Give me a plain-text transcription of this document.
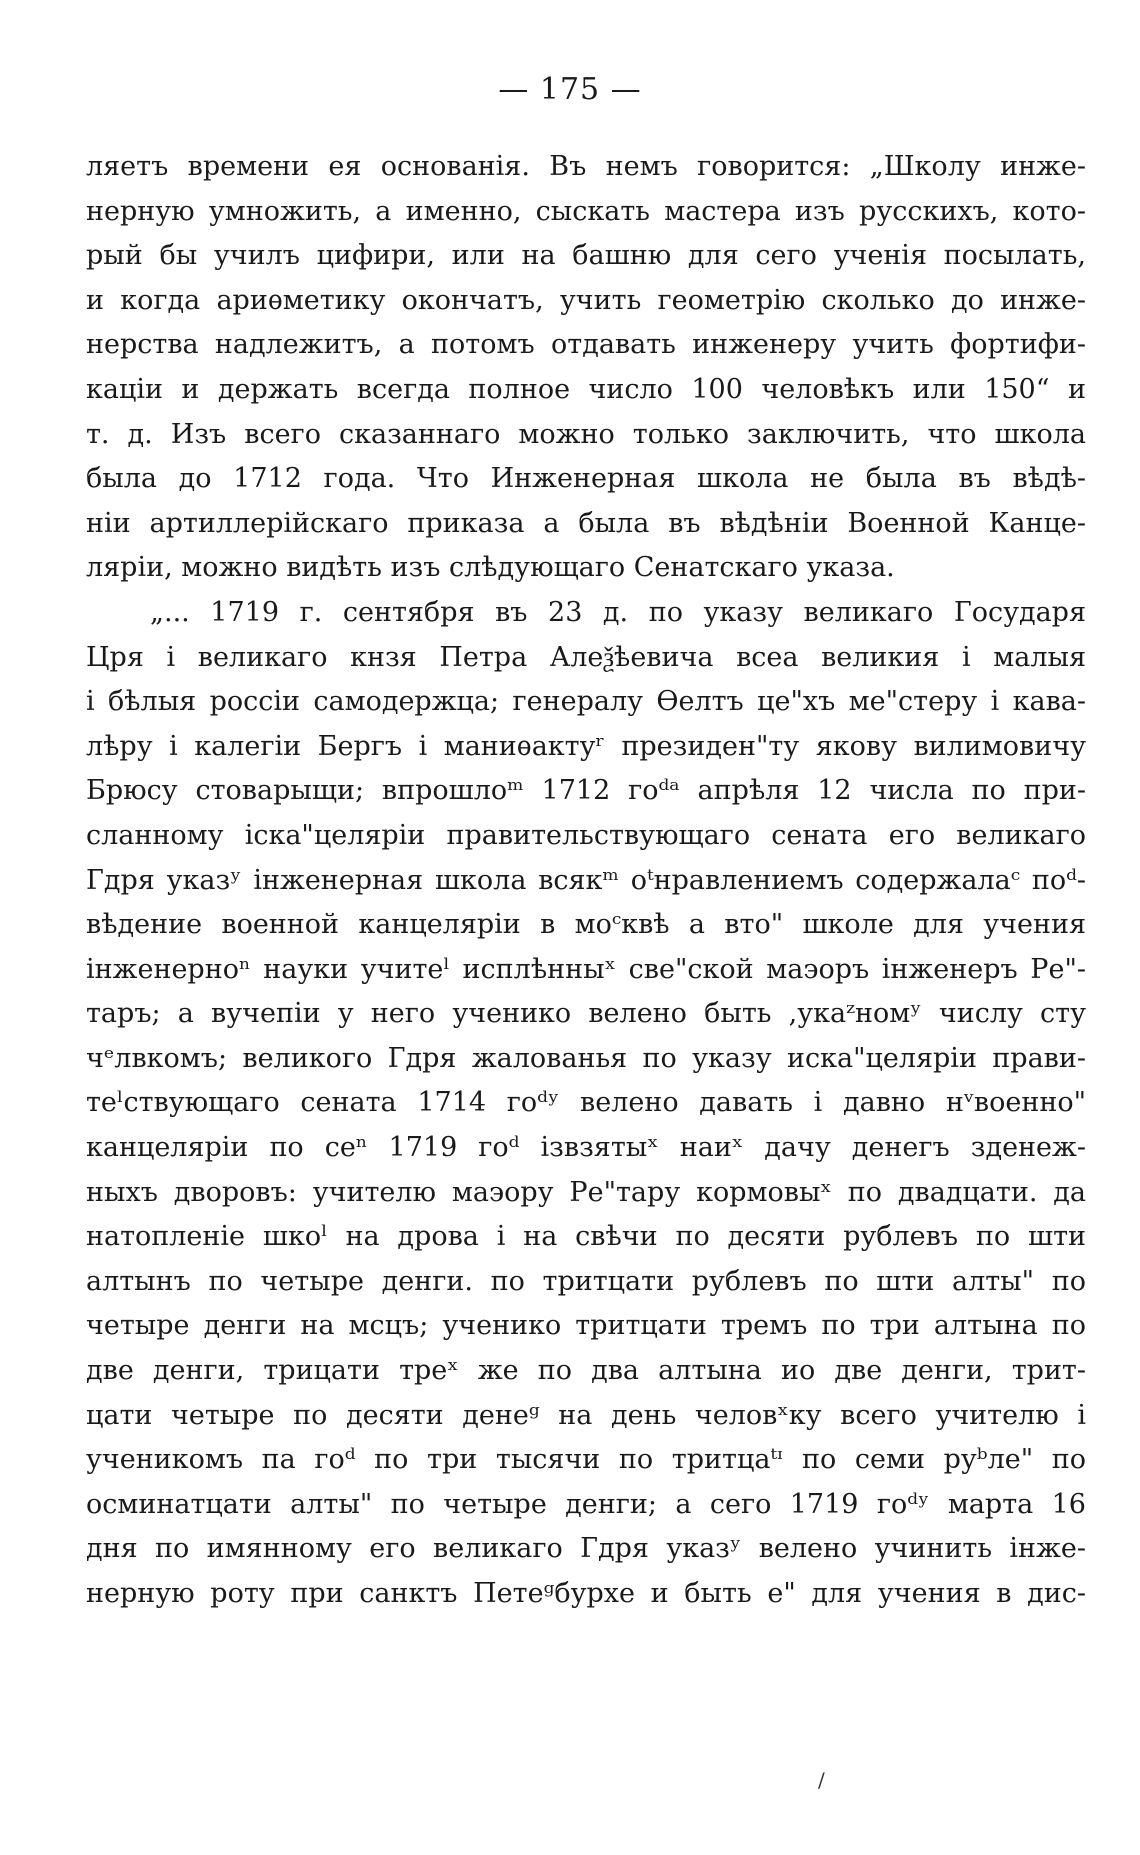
— 175 —
ляетъ времени ея основанія. Въ немъ говорится: „Школу инже-
нерную умножить, а именно, сыскать мастера изъ русскихъ, кото-
рый бы училъ цифири, или на башню для сего ученія посылать,
и когда ариѳметику окончатъ, учить геометрію сколько до инже-
нерства надлежитъ, а потомъ отдавать инженеру учить фортифи-
каціи и держать всегда полное число 100 человѣкъ или 150“ и
т. д. Изъ всего сказаннаго можно только заключить, что школа
была до 1712 года. Что Инженерная школа не была въ вѣдѣ-
ніи артиллерійскаго приказа а была въ вѣдѣніи Военной Канце-
ляріи, можно видѣть изъ слѣдующаго Сенатскаго указа.
„... 1719 г. сентября въ 23 д. по указу великаго Государя
Цря і великаго кнзя Петра Алеѯѣевича всеа великия і малыя
і бѣлыя россіи самодержца; генералу Ѳелтъ це"хъ ме"стеру і кава-
лѣру і калегіи Бергъ і маниѳактуʳ президен"ту якову вилимовичу
Брюсу стоварыщи; впрошлоᵐ 1712 гоᵈᵃ апрѣля 12 числа по при-
сланному іска"целяріи правительствующаго сената его великаго
Гдря указʸ інженерная школа всякᵐ оᵗнравлениемъ содержалаᶜ поᵈ-
вѣдение военной канцеляріи в моᶜквѣ а вто" школе для учения
інженерноⁿ науки учитеˡ исплѣнныˣ све"ской маэоръ інженеръ Ре"-
таръ; а вучепіи у него ученико велено быть ,укаᶻномʸ числу сту
чᵉлвкомъ; великого Гдря жалованья по указу иска"целяріи прави-
теˡствующаго сената 1714 гоᵈʸ велено давать і давно нᵛвоенно"
канцеляріи по сеⁿ 1719 гоᵈ ізвзятыˣ наиˣ дачу денегъ зденеж-
ныхъ дворовъ: учителю маэору Ре"тару кормовыˣ по двадцати. да
натопленіе шкоˡ на дрова і на свѣчи по десяти рублевъ по шти
алтынъ по четыре денги. по тритцати рублевъ по шти алты" по
четыре денги на мсцъ; ученико тритцати тремъ по три алтына по
две денги, трицати треˣ же по два алтына ио две денги, трит-
цати четыре по десяти денеᵍ на день человˣку всего учителю і
ученикомъ па гоᵈ по три тысячи по тритцаᵗᶦ по семи руᵇле" по
осминатцати алты" по четыре денги; а сего 1719 гоᵈʸ марта 16
дня по имянному его великаго Гдря указʸ велено учинить інже-
нерную роту при санктъ Петеᵍбурхе и быть е" для учения в дис-
/
